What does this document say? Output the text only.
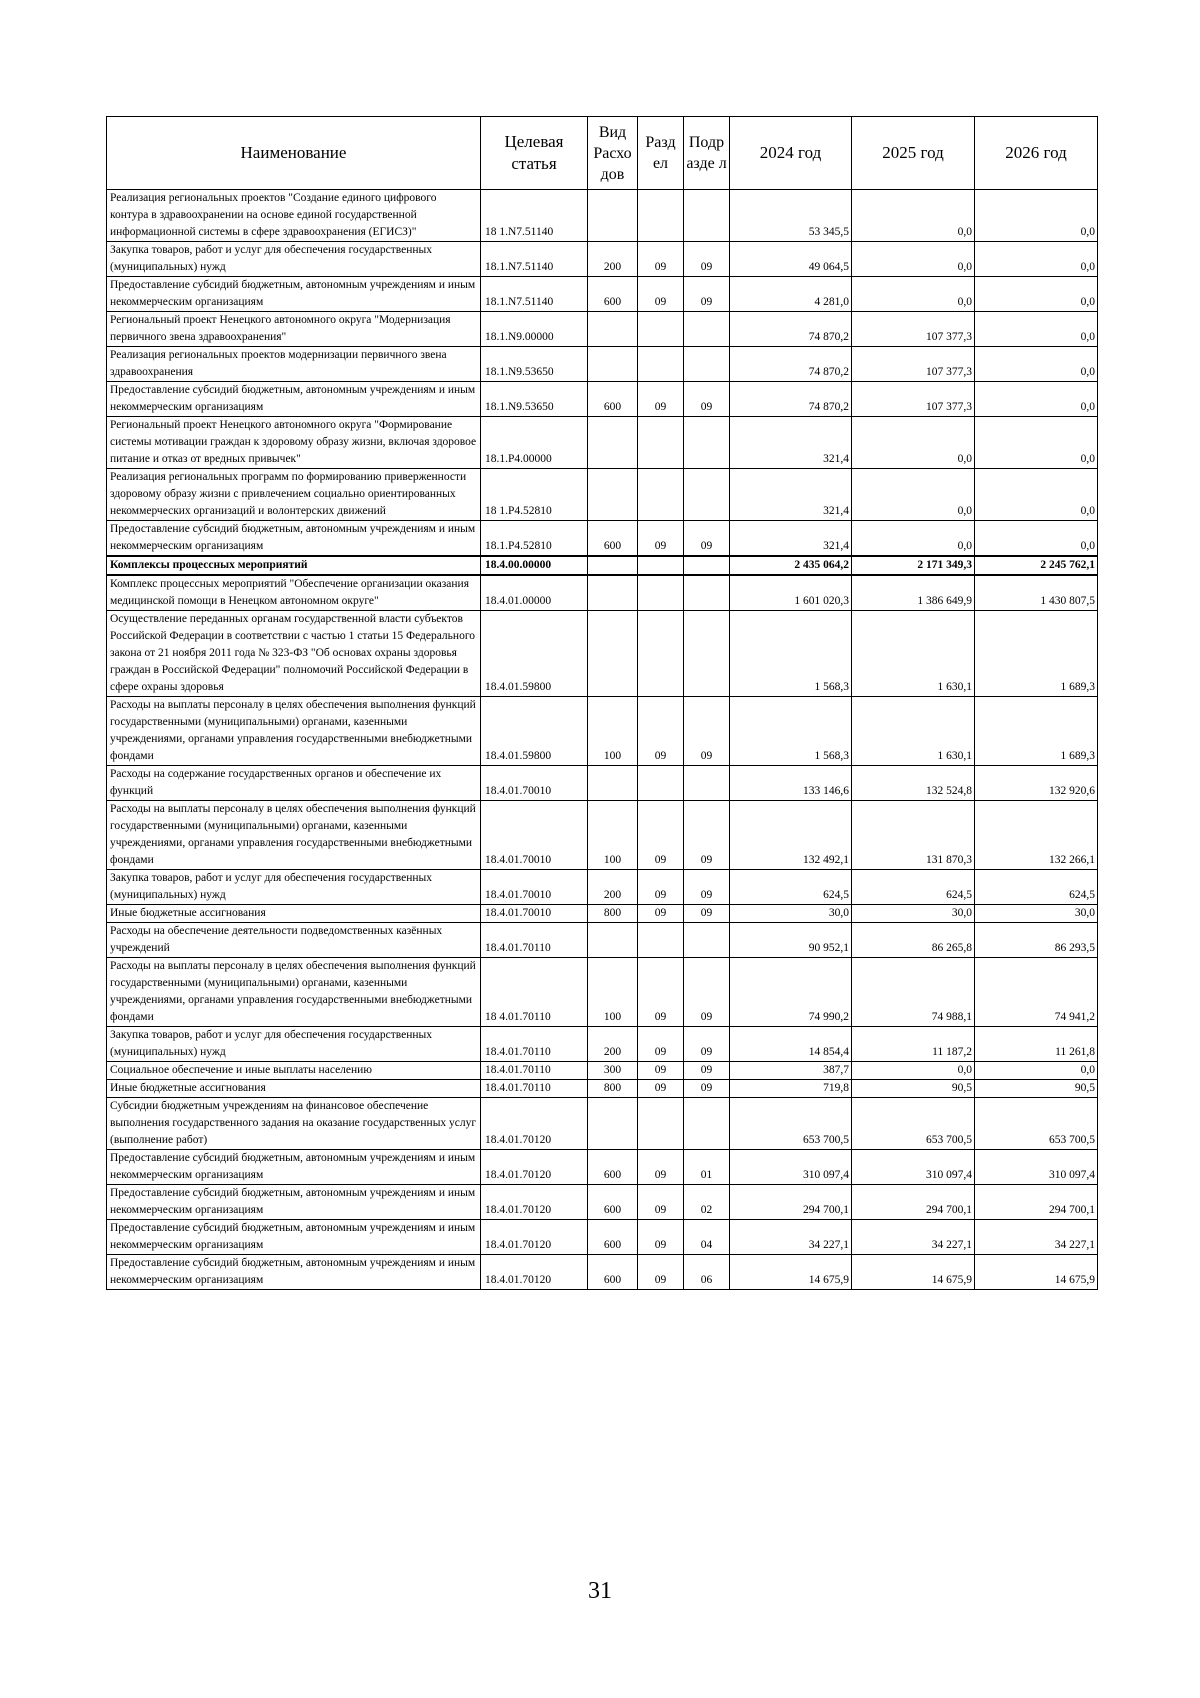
Наименование	Целевая статья	Вид Расхо дов	Разд ел	Подр азде л	2024 год	2025 год	2026 год
Реализация региональных проектов "Создание единого цифрового контура в здравоохранении на основе единой государственной информационной системы в сфере здравоохранения (ЕГИСЗ)"	18 1.N7.51140				53 345,5	0,0	0,0
Закупка товаров, работ и услуг для обеспечения государственных (муниципальных) нужд	18.1.N7.51140	200	09	09	49 064,5	0,0	0,0
Предоставление субсидий бюджетным, автономным учреждениям и иным некоммерческим организациям	18.1.N7.51140	600	09	09	4 281,0	0,0	0,0
Региональный проект Ненецкого автономного округа "Модернизация первичного звена здравоохранения"	18.1.N9.00000				74 870,2	107 377,3	0,0
Реализация региональных проектов модернизации первичного звена здравоохранения	18.1.N9.53650				74 870,2	107 377,3	0,0
Предоставление субсидий бюджетным, автономным учреждениям и иным некоммерческим организациям	18.1.N9.53650	600	09	09	74 870,2	107 377,3	0,0
Региональный проект Ненецкого автономного округа "Формирование системы мотивации граждан к здоровому образу жизни, включая здоровое питание и отказ от вредных привычек"	18.1.P4.00000				321,4	0,0	0,0
Реализация региональных программ по формированию приверженности здоровому образу жизни с привлечением социально ориентированных некоммерческих организаций и волонтерских движений	18 1.P4.52810				321,4	0,0	0,0
Предоставление субсидий бюджетным, автономным учреждениям и иным некоммерческим организациям	18.1.P4.52810	600	09	09	321,4	0,0	0,0
Комплексы процессных мероприятий	18.4.00.00000				2 435 064,2	2 171 349,3	2 245 762,1
Комплекс процессных мероприятий "Обеспечение организации оказания медицинской помощи в Ненецком автономном округе"	18.4.01.00000				1 601 020,3	1 386 649,9	1 430 807,5
Осуществление переданных органам государственной власти субъектов Российской Федерации в соответствии с частью 1 статьи 15 Федерального закона от 21 ноября 2011 года № 323-ФЗ "Об основах охраны здоровья граждан в Российской Федерации" полномочий Российской Федерации в сфере охраны здоровья	18.4.01.59800				1 568,3	1 630,1	1 689,3
Расходы на выплаты персоналу в целях обеспечения выполнения функций государственными (муниципальными) органами, казенными учреждениями, органами управления государственными внебюджетными фондами	18.4.01.59800	100	09	09	1 568,3	1 630,1	1 689,3
Расходы на содержание государственных органов и обеспечение их функций	18.4.01.70010				133 146,6	132 524,8	132 920,6
Расходы на выплаты персоналу в целях обеспечения выполнения функций государственными (муниципальными) органами, казенными учреждениями, органами управления государственными внебюджетными фондами	18.4.01.70010	100	09	09	132 492,1	131 870,3	132 266,1
Закупка товаров, работ и услуг для обеспечения государственных (муниципальных) нужд	18.4.01.70010	200	09	09	624,5	624,5	624,5
Иные бюджетные ассигнования	18.4.01.70010	800	09	09	30,0	30,0	30,0
Расходы на обеспечение деятельности подведомственных казённых учреждений	18.4.01.70110				90 952,1	86 265,8	86 293,5
Расходы на выплаты персоналу в целях обеспечения выполнения функций государственными (муниципальными) органами, казенными учреждениями, органами управления государственными внебюджетными фондами	18 4.01.70110	100	09	09	74 990,2	74 988,1	74 941,2
Закупка товаров, работ и услуг для обеспечения государственных (муниципальных) нужд	18.4.01.70110	200	09	09	14 854,4	11 187,2	11 261,8
Социальное обеспечение и иные выплаты населению	18.4.01.70110	300	09	09	387,7	0,0	0,0
Иные бюджетные ассигнования	18.4.01.70110	800	09	09	719,8	90,5	90,5
Субсидии бюджетным учреждениям на финансовое обеспечение выполнения государственного задания на оказание государственных услуг (выполнение работ)	18.4.01.70120				653 700,5	653 700,5	653 700,5
Предоставление субсидий бюджетным, автономным учреждениям и иным некоммерческим организациям	18.4.01.70120	600	09	01	310 097,4	310 097,4	310 097,4
Предоставление субсидий бюджетным, автономным учреждениям и иным некоммерческим организациям	18.4.01.70120	600	09	02	294 700,1	294 700,1	294 700,1
Предоставление субсидий бюджетным, автономным учреждениям и иным некоммерческим организациям	18.4.01.70120	600	09	04	34 227,1	34 227,1	34 227,1
Предоставление субсидий бюджетным, автономным учреждениям и иным некоммерческим организациям	18.4.01.70120	600	09	06	14 675,9	14 675,9	14 675,9
31
